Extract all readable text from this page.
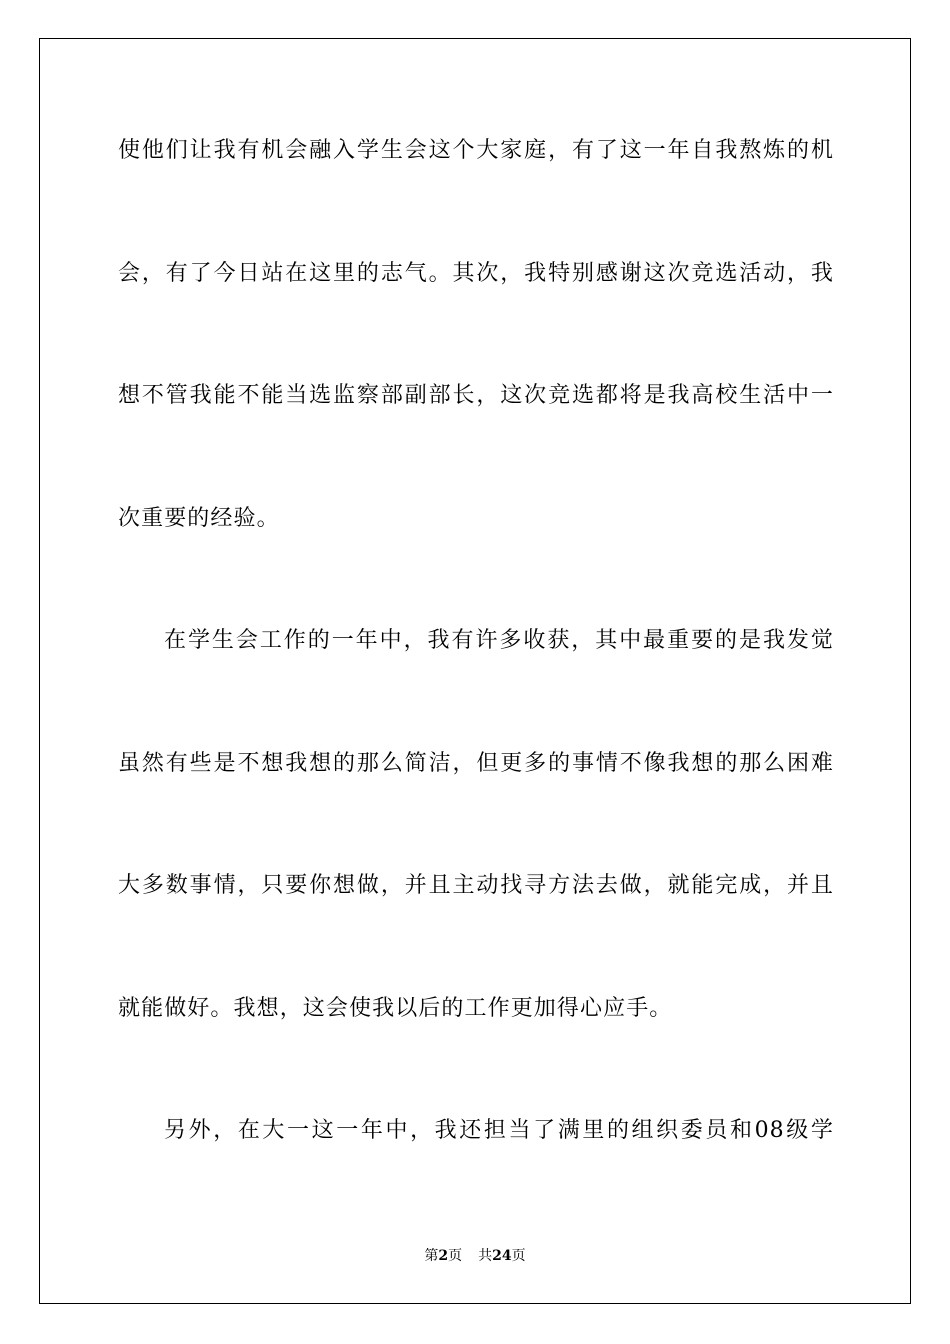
使他们让我有机会融入学生会这个大家庭，有了这一年自我熬炼的机
会，有了今日站在这里的志气。其次，我特别感谢这次竞选活动，我
想不管我能不能当选监察部副部长，这次竞选都将是我高校生活中一
次重要的经验。
在学生会工作的一年中，我有许多收获，其中最重要的是我发觉
虽然有些是不想我想的那么简洁，但更多的事情不像我想的那么困难
大多数事情，只要你想做，并且主动找寻方法去做，就能完成，并且
就能做好。我想，这会使我以后的工作更加得心应手。
另外，在大一这一年中，我还担当了满里的组织委员和08级学
第2页 共24页
